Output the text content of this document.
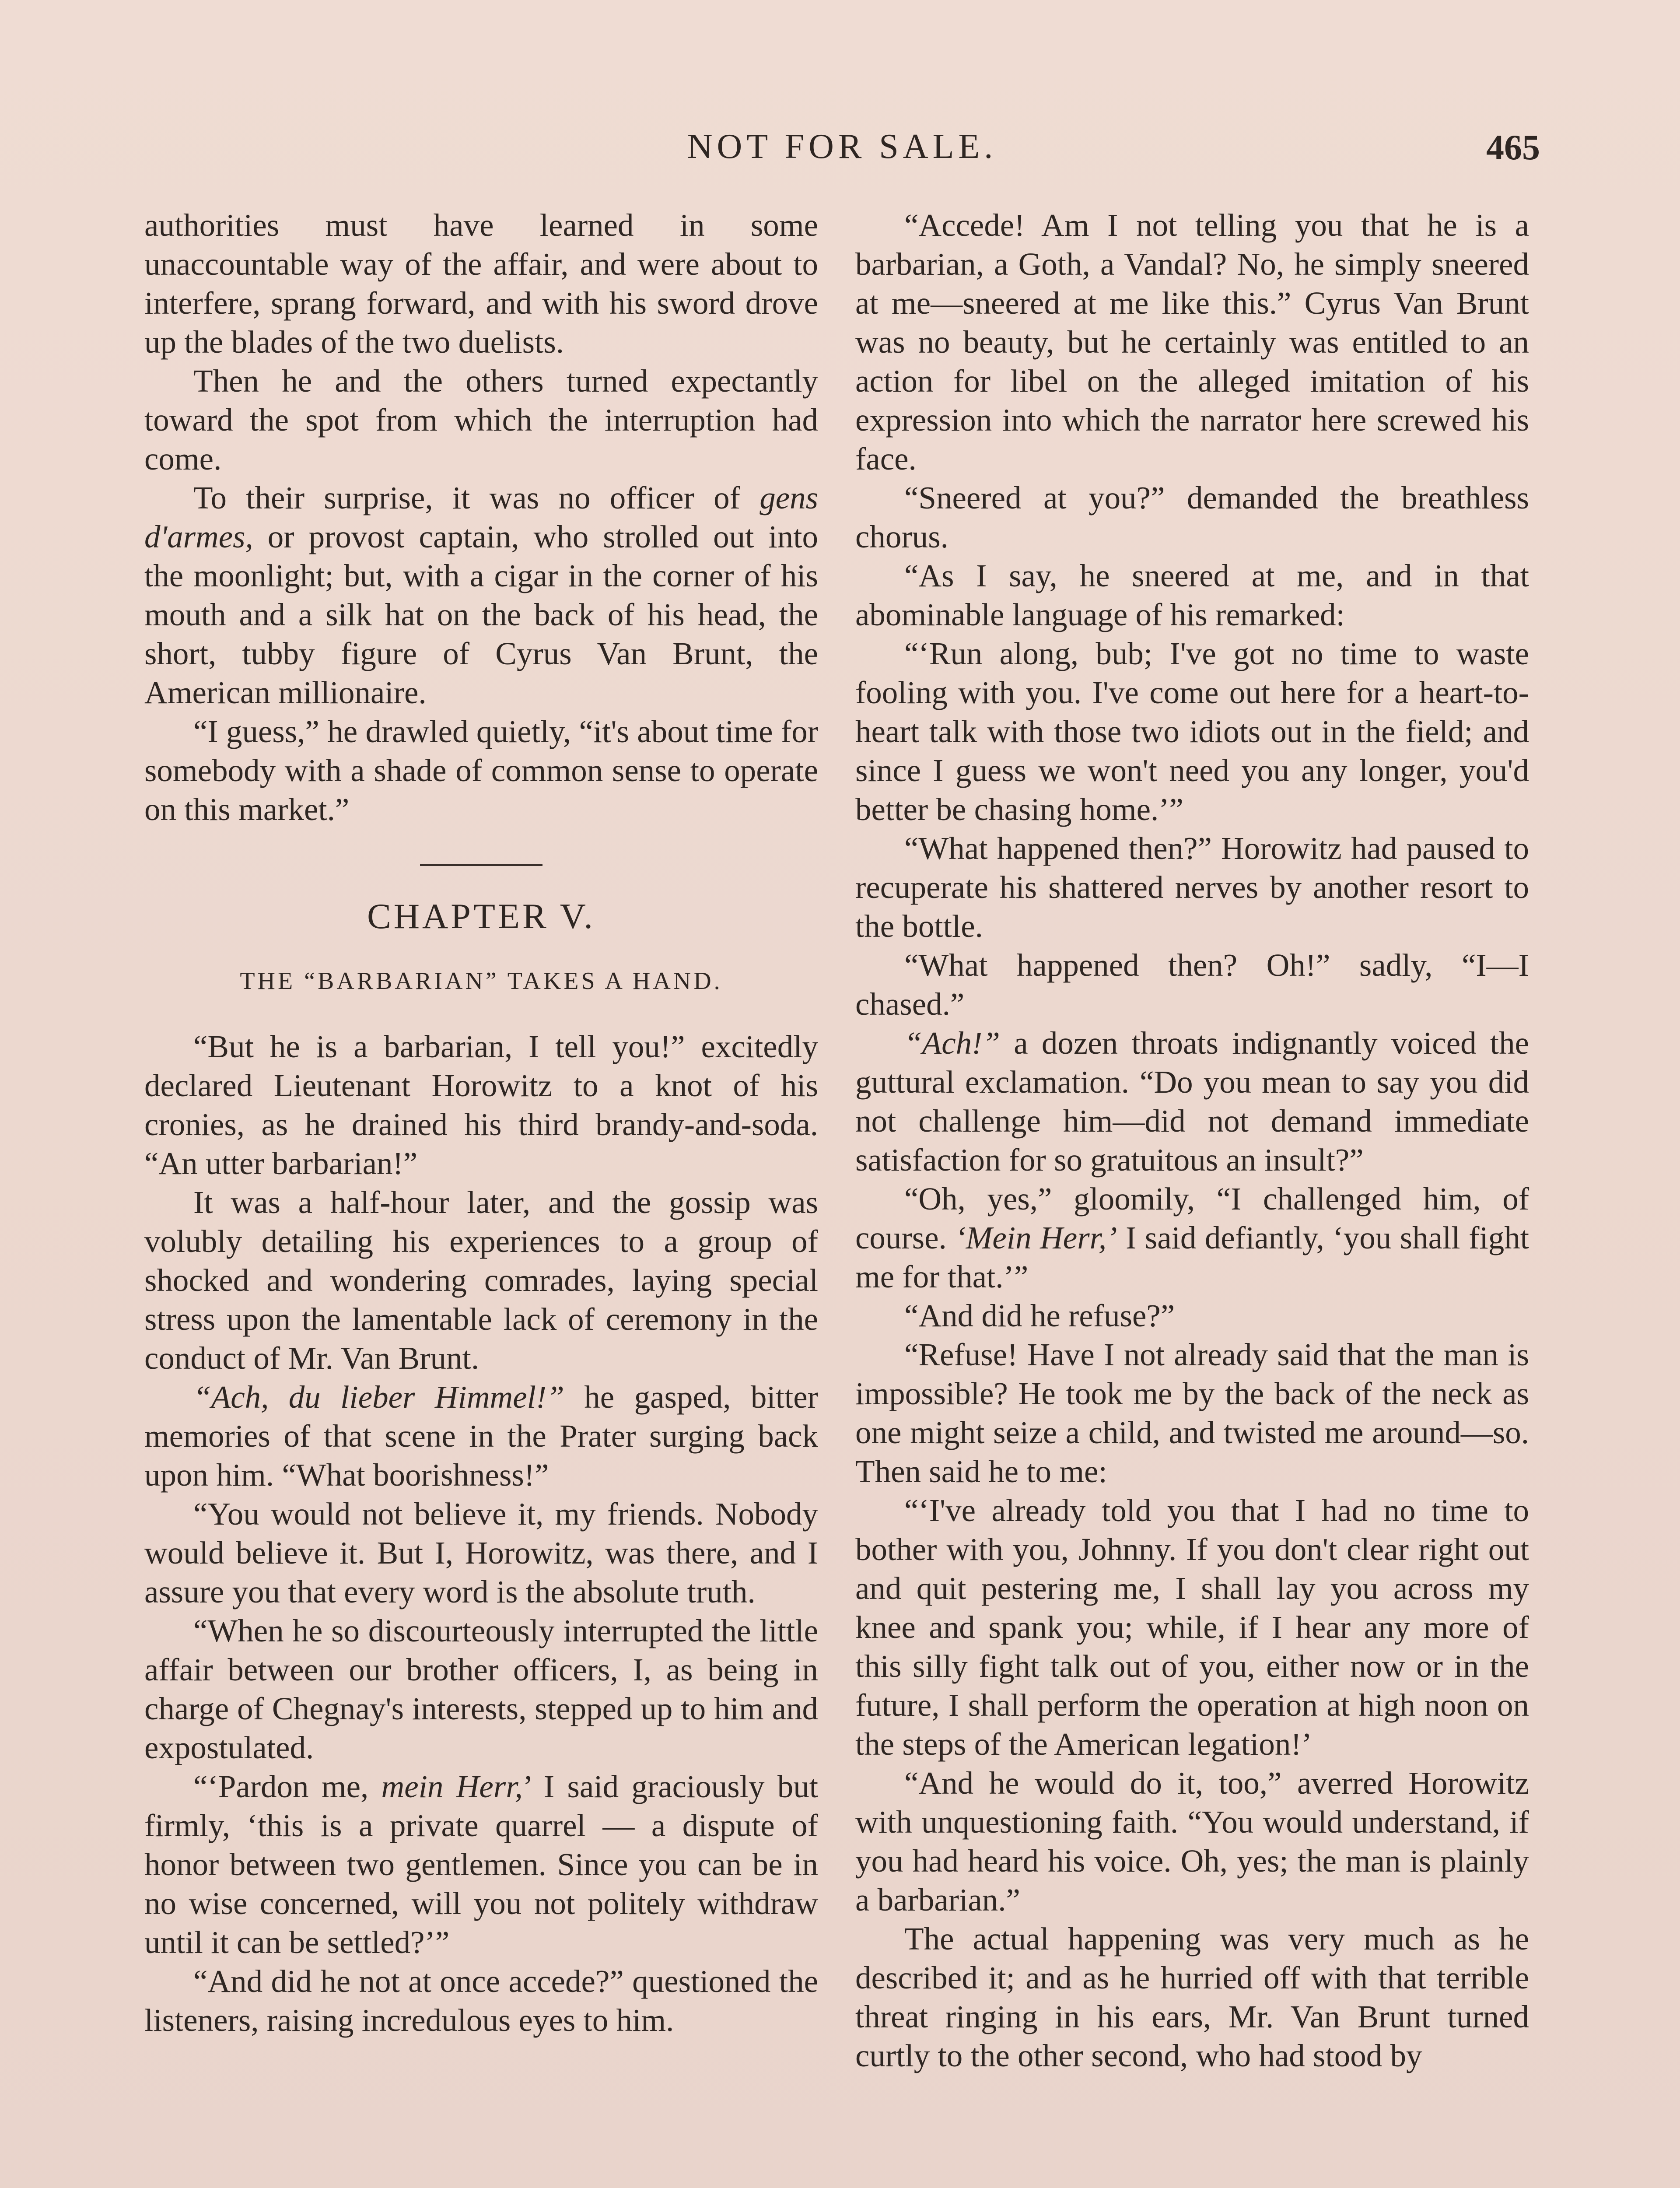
NOT FOR SALE.	465

authorities must have learned in some unaccountable way of the affair, and were about to interfere, sprang forward, and with his sword drove up the blades of the two duelists.

Then he and the others turned expectantly toward the spot from which the interruption had come.

To their surprise, it was no officer of gens d'armes, or provost captain, who strolled out into the moonlight; but, with a cigar in the corner of his mouth and a silk hat on the back of his head, the short, tubby figure of Cyrus Van Brunt, the American millionaire.

“I guess,” he drawled quietly, “it's about time for somebody with a shade of common sense to operate on this market.”

CHAPTER V.
THE “BARBARIAN” TAKES A HAND.

“But he is a barbarian, I tell you!” excitedly declared Lieutenant Horowitz to a knot of his cronies, as he drained his third brandy-and-soda. “An utter barbarian!”

It was a half-hour later, and the gossip was volubly detailing his experiences to a group of shocked and wondering comrades, laying special stress upon the lamentable lack of ceremony in the conduct of Mr. Van Brunt.

“Ach, du lieber Himmel!” he gasped, bitter memories of that scene in the Prater surging back upon him. “What boorishness!”

“You would not believe it, my friends. Nobody would believe it. But I, Horowitz, was there, and I assure you that every word is the absolute truth.

“When he so discourteously interrupted the little affair between our brother officers, I, as being in charge of Chegnay's interests, stepped up to him and expostulated.

“‘Pardon me, mein Herr,’ I said graciously but firmly, ‘this is a private quarrel — a dispute of honor between two gentlemen. Since you can be in no wise concerned, will you not politely withdraw until it can be settled?’”

“And did he not at once accede?” questioned the listeners, raising incredulous eyes to him.

“Accede! Am I not telling you that he is a barbarian, a Goth, a Vandal? No, he simply sneered at me—sneered at me like this.” Cyrus Van Brunt was no beauty, but he certainly was entitled to an action for libel on the alleged imitation of his expression into which the narrator here screwed his face.

“Sneered at you?” demanded the breathless chorus.

“As I say, he sneered at me, and in that abominable language of his remarked:

“‘Run along, bub; I've got no time to waste fooling with you. I've come out here for a heart-to-heart talk with those two idiots out in the field; and since I guess we won't need you any longer, you'd better be chasing home.’”

“What happened then?” Horowitz had paused to recuperate his shattered nerves by another resort to the bottle.

“What happened then? Oh!” sadly, “I—I chased.”

“Ach!” a dozen throats indignantly voiced the guttural exclamation. “Do you mean to say you did not challenge him—did not demand immediate satisfaction for so gratuitous an insult?”

“Oh, yes,” gloomily, “I challenged him, of course. ‘Mein Herr,’ I said defiantly, ‘you shall fight me for that.’”

“And did he refuse?”

“Refuse! Have I not already said that the man is impossible? He took me by the back of the neck as one might seize a child, and twisted me around—so. Then said he to me:

“‘I've already told you that I had no time to bother with you, Johnny. If you don't clear right out and quit pestering me, I shall lay you across my knee and spank you; while, if I hear any more of this silly fight talk out of you, either now or in the future, I shall perform the operation at high noon on the steps of the American legation!’

“And he would do it, too,” averred Horowitz with unquestioning faith. “You would understand, if you had heard his voice. Oh, yes; the man is plainly a barbarian.”

The actual happening was very much as he described it; and as he hurried off with that terrible threat ringing in his ears, Mr. Van Brunt turned curtly to the other second, who had stood by
